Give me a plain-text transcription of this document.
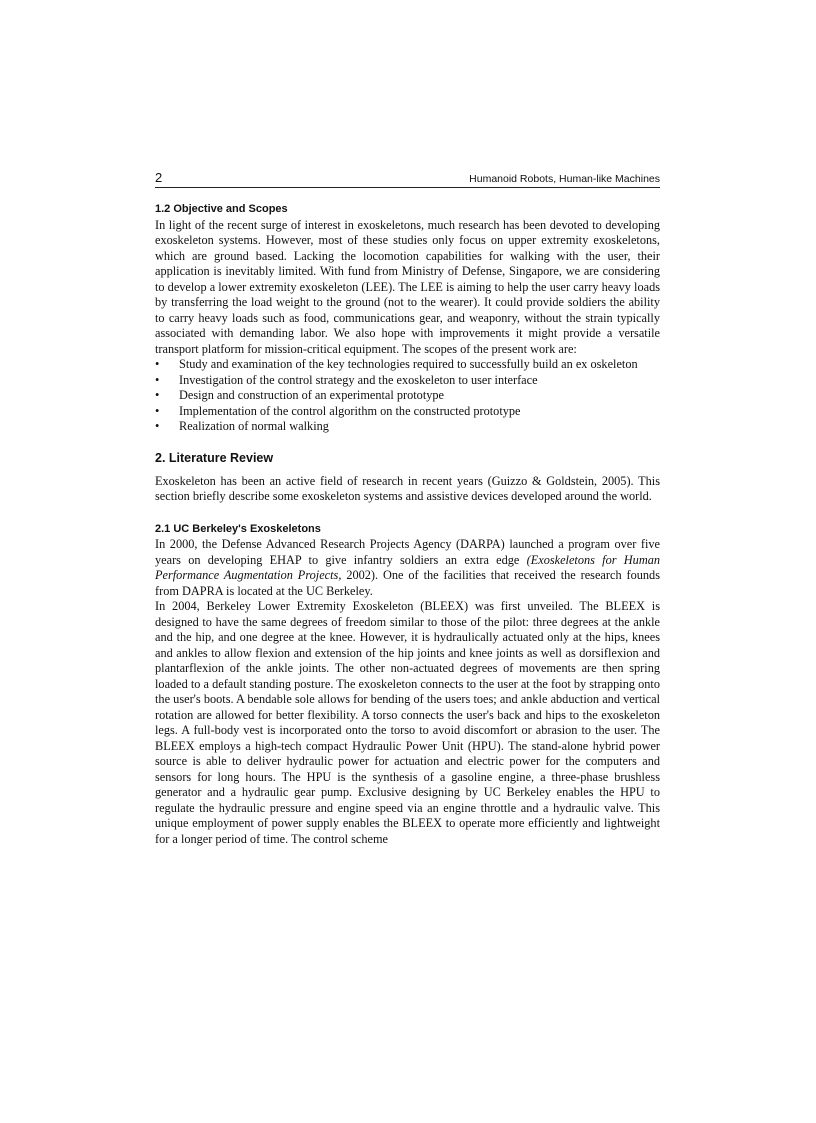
2	Humanoid Robots, Human-like Machines
1.2 Objective and Scopes

In light of the recent surge of interest in exoskeletons, much research has been devoted to developing exoskeleton systems. However, most of these studies only focus on upper extremity exoskeletons, which are ground based. Lacking the locomotion capabilities for walking with the user, their application is inevitably limited. With fund from Ministry of Defense, Singapore, we are considering to develop a lower extremity exoskeleton (LEE). The LEE is aiming to help the user carry heavy loads by transferring the load weight to the ground (not to the wearer). It could provide soldiers the ability to carry heavy loads such as food, communications gear, and weaponry, without the strain typically associated with demanding labor. We also hope with improvements it might provide a versatile transport platform for mission-critical equipment. The scopes of the present work are:

• Study and examination of the key technologies required to successfully build an ex oskeleton
• Investigation of the control strategy and the exoskeleton to user interface
• Design and construction of an experimental prototype
• Implementation of the control algorithm on the constructed prototype
• Realization of normal walking
2. Literature Review

Exoskeleton has been an active field of research in recent years (Guizzo & Goldstein, 2005). This section briefly describe some exoskeleton systems and assistive devices developed around the world.

2.1 UC Berkeley's Exoskeletons

In 2000, the Defense Advanced Research Projects Agency (DARPA) launched a program over five years on developing EHAP to give infantry soldiers an extra edge (Exoskeletons for Human Performance Augmentation Projects, 2002). One of the facilities that received the research founds from DAPRA is located at the UC Berkeley.

In 2004, Berkeley Lower Extremity Exoskeleton (BLEEX) was first unveiled. The BLEEX is designed to have the same degrees of freedom similar to those of the pilot: three degrees at the ankle and the hip, and one degree at the knee. However, it is hydraulically actuated only at the hips, knees and ankles to allow flexion and extension of the hip joints and knee joints as well as dorsiflexion and plantarflexion of the ankle joints. The other non-actuated degrees of movements are then spring loaded to a default standing posture. The exoskeleton connects to the user at the foot by strapping onto the user's boots. A bendable sole allows for bending of the users toes; and ankle abduction and vertical rotation are allowed for better flexibility. A torso connects the user's back and hips to the exoskeleton legs. A full-body vest is incorporated onto the torso to avoid discomfort or abrasion to the user. The BLEEX employs a high-tech compact Hydraulic Power Unit (HPU). The stand-alone hybrid power source is able to deliver hydraulic power for actuation and electric power for the computers and sensors for long hours. The HPU is the synthesis of a gasoline engine, a three-phase brushless generator and a hydraulic gear pump. Exclusive designing by UC Berkeley enables the HPU to regulate the hydraulic pressure and engine speed via an engine throttle and a hydraulic valve. This unique employment of power supply enables the BLEEX to operate more efficiently and lightweight for a longer period of time. The control scheme
